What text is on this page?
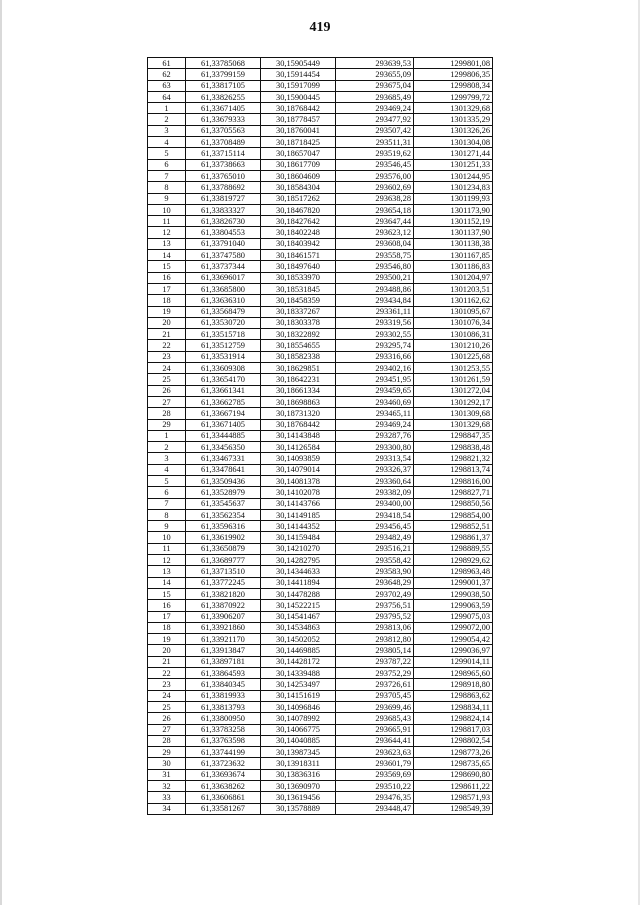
419
61	61,33785068	30,15905449	293639,53	1299801,08
62	61,33799159	30,15914454	293655,09	1299806,35
63	61,33817105	30,15917099	293675,04	1299808,34
64	61,33826255	30,15900445	293685,49	1299799,72
1	61,33671405	30,18768442	293469,24	1301329,68
2	61,33679333	30,18778457	293477,92	1301335,29
3	61,33705563	30,18760041	293507,42	1301326,26
4	61,33708489	30,18718425	293511,31	1301304,08
5	61,33715114	30,18657047	293519,62	1301271,44
6	61,33738663	30,18617709	293546,45	1301251,33
7	61,33765010	30,18604609	293576,00	1301244,95
8	61,33788692	30,18584304	293602,69	1301234,83
9	61,33819727	30,18517262	293638,28	1301199,93
10	61,33833327	30,18467820	293654,18	1301173,90
11	61,33826730	30,18427642	293647,44	1301152,19
12	61,33804553	30,18402248	293623,12	1301137,90
13	61,33791040	30,18403942	293608,04	1301138,38
14	61,33747580	30,18461571	293558,75	1301167,85
15	61,33737344	30,18497640	293546,80	1301186,83
16	61,33696017	30,18533970	293500,21	1301204,97
17	61,33685800	30,18531845	293488,86	1301203,51
18	61,33636310	30,18458359	293434,84	1301162,62
19	61,33568479	30,18337267	293361,11	1301095,67
20	61,33530720	30,18303378	293319,56	1301076,34
21	61,33515718	30,18322892	293302,55	1301086,31
22	61,33512759	30,18554655	293295,74	1301210,26
23	61,33531914	30,18582338	293316,66	1301225,68
24	61,33609308	30,18629851	293402,16	1301253,55
25	61,33654170	30,18642231	293451,95	1301261,59
26	61,33661341	30,18661334	293459,65	1301272,04
27	61,33662785	30,18698863	293460,69	1301292,17
28	61,33667194	30,18731320	293465,11	1301309,68
29	61,33671405	30,18768442	293469,24	1301329,68
1	61,33444885	30,14143848	293287,76	1298847,35
2	61,33456350	30,14126584	293300,80	1298838,48
3	61,33467331	30,14093859	293313,54	1298821,32
4	61,33478641	30,14079014	293326,37	1298813,74
5	61,33509436	30,14081378	293360,64	1298816,00
6	61,33528979	30,14102078	293382,09	1298827,71
7	61,33545637	30,14143766	293400,00	1298850,56
8	61,33562354	30,14149185	293418,54	1298854,00
9	61,33596316	30,14144352	293456,45	1298852,51
10	61,33619902	30,14159484	293482,49	1298861,37
11	61,33650879	30,14210270	293516,21	1298889,55
12	61,33689777	30,14282795	293558,42	1298929,62
13	61,33713510	30,14344633	293583,90	1298963,48
14	61,33772245	30,14411894	293648,29	1299001,37
15	61,33821820	30,14478288	293702,49	1299038,50
16	61,33870922	30,14522215	293756,51	1299063,59
17	61,33906207	30,14541467	293795,52	1299075,03
18	61,33921860	30,14534863	293813,06	1299072,00
19	61,33921170	30,14502052	293812,80	1299054,42
20	61,33913847	30,14469885	293805,14	1299036,97
21	61,33897181	30,14428172	293787,22	1299014,11
22	61,33864593	30,14339488	293752,29	1298965,60
23	61,33840345	30,14253497	293726,61	1298918,80
24	61,33819933	30,14151619	293705,45	1298863,62
25	61,33813793	30,14096846	293699,46	1298834,11
26	61,33800950	30,14078992	293685,43	1298824,14
27	61,33783258	30,14066775	293665,91	1298817,03
28	61,33763598	30,14040885	293644,41	1298802,54
29	61,33744199	30,13987345	293623,63	1298773,26
30	61,33723632	30,13918311	293601,79	1298735,65
31	61,33693674	30,13836316	293569,69	1298690,80
32	61,33638262	30,13690970	293510,22	1298611,22
33	61,33606861	30,13619456	293476,35	1298571,93
34	61,33581267	30,13578889	293448,47	1298549,39
